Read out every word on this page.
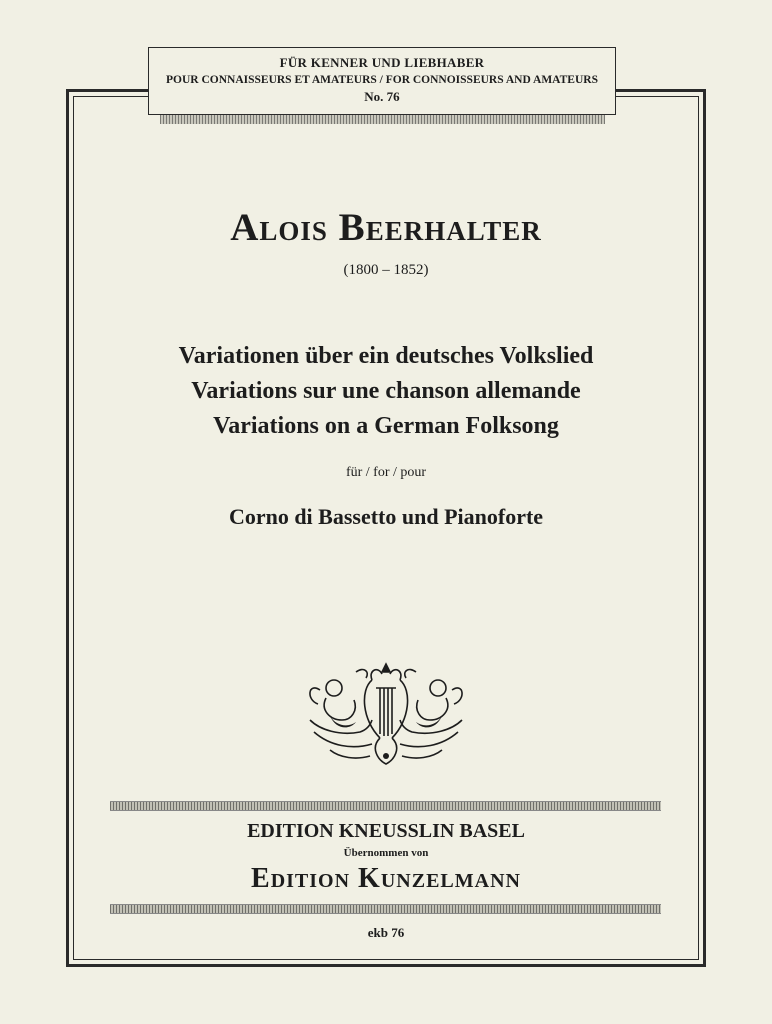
FÜR KENNER UND LIEBHABER
POUR CONNAISSEURS ET AMATEURS / FOR CONNOISSEURS AND AMATEURS
No. 76
Alois Beerhalter
(1800 – 1852)
Variationen über ein deutsches Volkslied
Variations sur une chanson allemande
Variations on a German Folksong
für / for / pour
Corno di Bassetto und Pianoforte
EDITION KNEUSSLIN BASEL
Übernommen von
Edition Kunzelmann
ekb 76
